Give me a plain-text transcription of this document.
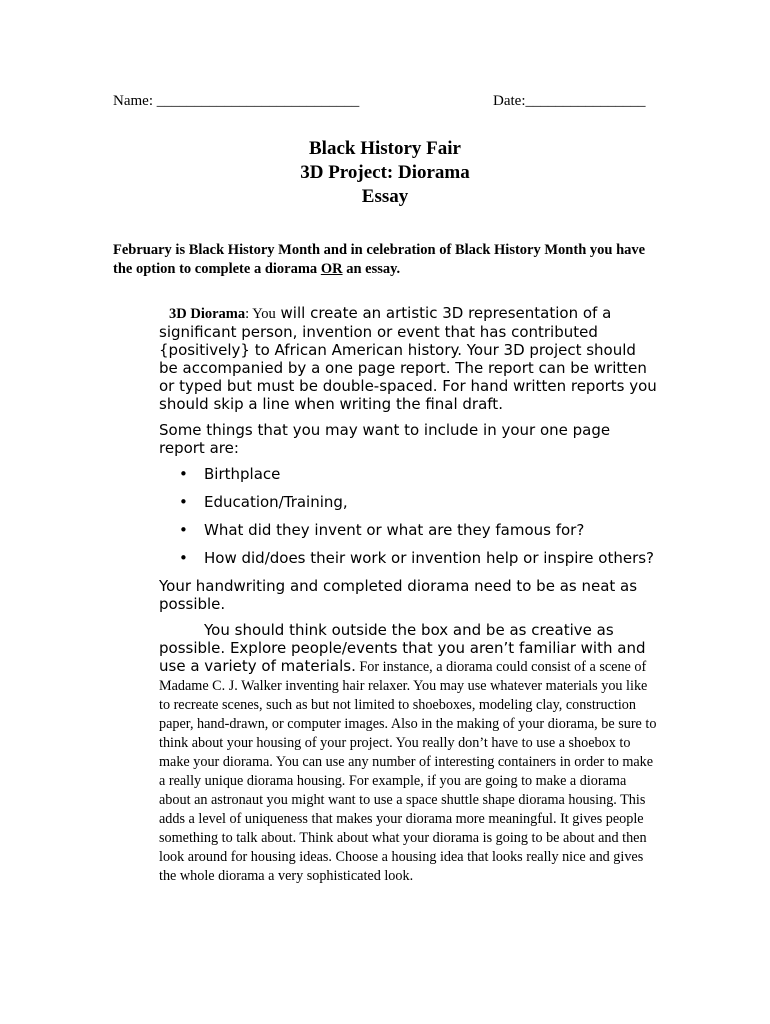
Name: ___________________________	Date:________________
Black History Fair
3D Project: Diorama
Essay
February is Black History Month and in celebration of Black History Month you have the option to complete a diorama OR an essay.

3D Diorama: You will create an artistic 3D representation of a significant person, invention or event that has contributed {positively} to African American history. Your 3D project should be accompanied by a one page report. The report can be written or typed but must be double-spaced. For hand written reports you should skip a line when writing the final draft.

Some things that you may want to include in your one page report are:

• Birthplace
• Education/Training,
• What did they invent or what are they famous for?
• How did/does their work or invention help or inspire others?

Your handwriting and completed diorama need to be as neat as possible.

You should think outside the box and be as creative as possible. Explore people/events that you aren’t familiar with and use a variety of materials. For instance, a diorama could consist of a scene of Madame C. J. Walker inventing hair relaxer. You may use whatever materials you like to recreate scenes, such as but not limited to shoeboxes, modeling clay, construction paper, hand-drawn, or computer images. Also in the making of your diorama, be sure to think about your housing of your project. You really don’t have to use a shoebox to make your diorama. You can use any number of interesting containers in order to make a really unique diorama housing. For example, if you are going to make a diorama about an astronaut you might want to use a space shuttle shape diorama housing. This adds a level of uniqueness that makes your diorama more meaningful. It gives people something to talk about. Think about what your diorama is going to be about and then look around for housing ideas. Choose a housing idea that looks really nice and gives the whole diorama a very sophisticated look.
